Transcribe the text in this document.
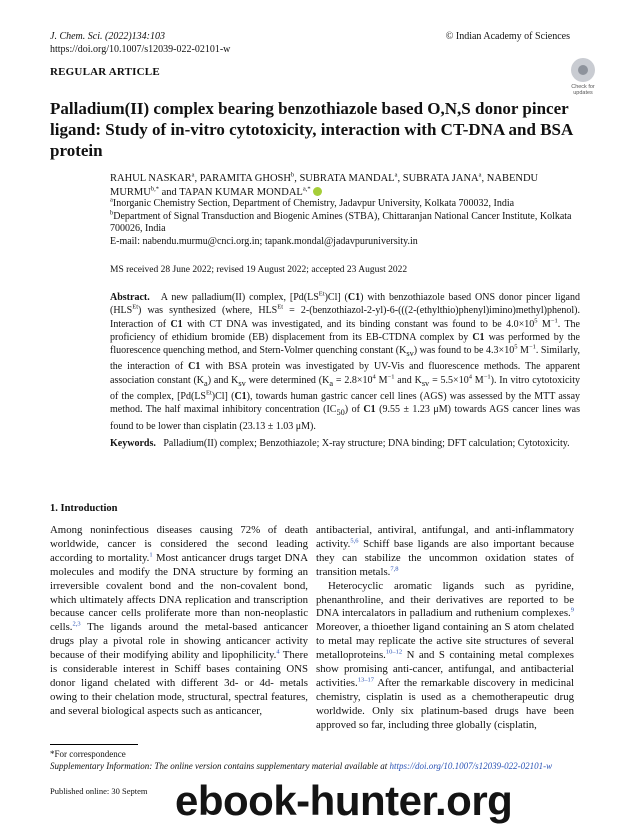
J. Chem. Sci. (2022)134:103
https://doi.org/10.1007/s12039-022-02101-w
© Indian Academy of Sciences
Check for updates
REGULAR ARTICLE
Palladium(II) complex bearing benzothiazole based O,N,S donor pincer ligand: Study of in-vitro cytotoxicity, interaction with CT-DNA and BSA protein
RAHUL NASKAR$^a$, PARAMITA GHOSH$^b$, SUBRATA MANDAL$^a$, SUBRATA JANA$^a$, NABENDU $MURMU^{b,*}$ and TAPAN KUMAR $MONDAL^{a,*}$
$^a$Inorganic Chemistry Section, Department of Chemistry, Jadavpur University, Kolkata 700032, India
$^b$Department of Signal Transduction and Biogenic Amines (STBA), Chittaranjan National Cancer Institute, Kolkata 700026, India
E-mail: nabendu.murmu@cnci.org.in; tapank.mondal@jadavpuruniversity.in
MS received 28 June 2022; revised 19 August 2022; accepted 23 August 2022
Abstract.   A new palladium(II) complex, $[Pd(LS^{Et})Cl]$ (C1) with benzothiazole based ONS donor pincer ligand $(HLS^{Et})$ was synthesized (where, $HLS^{Et}$ = 2-(benzothiazol-2-yl)-6-(((2-(ethylthio)phenyl)imino)methyl)phenol). Interaction of C1 with CT DNA was investigated, and its binding constant was found to be $4.0\times 10^5$ $M^{-1}$. The proficiency of ethidium bromide (EB) displacement from its EB-CTDNA complex by C1 was performed by the fluorescence quenching method, and Stern-Volmer quenching constant $(K_{sv})$ was found to be $4.3\times 10^5$ $M^{-1}$. Similarly, the interaction of C1 with BSA protein was investigated by UV-Vis and fluorescence methods. The apparent association constant $(K_a)$ and $K_{sv}$ were determined ($K_a = 2.8\times 10^4$ $M^{-1}$ and $K_{sv} = 5.5\times 10^4$ $M^{-1}$). In vitro cytotoxicity of the complex, $[Pd(LS^{Et})Cl]$ (C1), towards human gastric cancer cell lines (AGS) was assessed by the MTT assay method. The half maximal inhibitory concentration $(IC_{50})$ of C1 (9.55 ± 1.23 μM) towards AGS cancer lines was found to be lower than cisplatin (23.13 ± 1.03 μM).
Keywords. Palladium(II) complex; Benzothiazole; X-ray structure; DNA binding; DFT calculation; Cytotoxicity.
1. Introduction

Among noninfectious diseases causing 72% of death worldwide, cancer is considered the second leading according to mortality.$^1$ Most anticancer drugs target DNA molecules and modify the DNA structure by forming an irreversible covalent bond and the non-covalent bond, which ultimately affects DNA replication and transcription because cancer cells proliferate more than non-neoplastic cells.$^{2,3}$ The ligands around the metal-based anticancer drugs play a pivotal role in showing anticancer activity because of their modifying ability and lipophilicity.$^4$ There is considerable interest in Schiff bases containing ONS donor ligand chelated with different 3d- or 4d- metals owing to their chelation mode, structural, spectral features, and several biological aspects such as anticancer,

antibacterial, antiviral, antifungal, and anti-inflammatory activity.$^{5,6}$ Schiff base ligands are also important because they can stabilize the uncommon oxidation states of transition metals.$^{7,8}$

Heterocyclic aromatic ligands such as pyridine, phenanthroline, and their derivatives are reported to be DNA intercalators in palladium and ruthenium complexes.$^9$ Moreover, a thioether ligand containing an S atom chelated to metal may replicate the active site structures of several metalloproteins.$^{10-12}$ N and S containing metal complexes show promising anti-cancer, antifungal, and antibacterial activities.$^{13-17}$ After the remarkable discovery in medicinal chemistry, cisplatin is used as a chemotherapeutic drug worldwide. Only six platinum-based drugs have been approved so far, including three globally (cisplatin,

*For correspondence
Supplementary Information: The online version contains supplementary material available at https://doi.org/10.1007/s12039-022-02101-w
Published online: 30 Septem ebook-hunter.org
